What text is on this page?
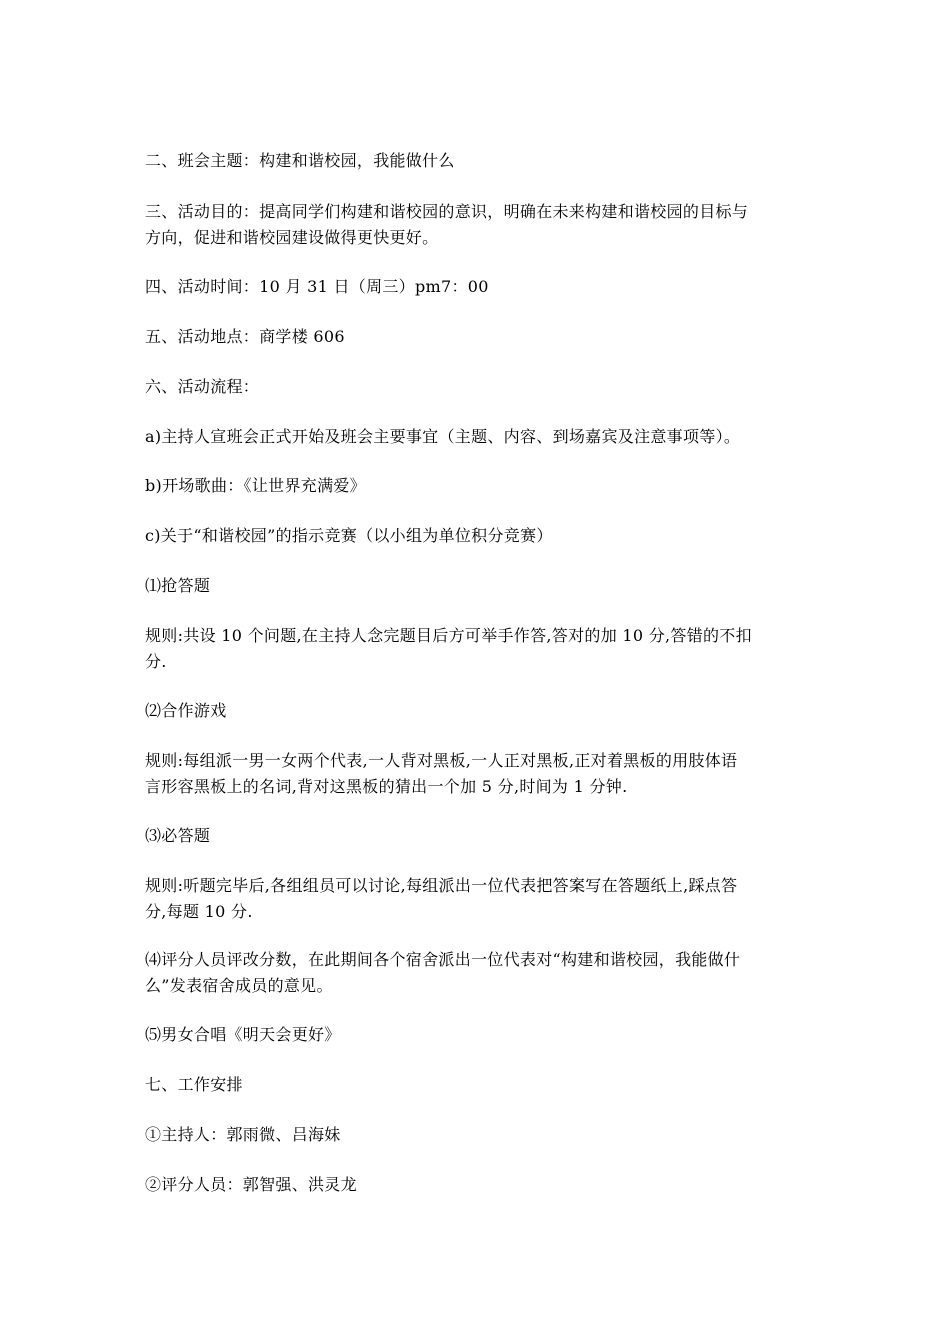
二、班会主题：构建和谐校园，我能做什么
三、活动目的：提高同学们构建和谐校园的意识，明确在未来构建和谐校园的目标与
方向，促进和谐校园建设做得更快更好。
四、活动时间：10 月 31 日（周三）pm7：00
五、活动地点：商学楼 606
六、活动流程：
a)主持人宣班会正式开始及班会主要事宜（主题、内容、到场嘉宾及注意事项等）。
b)开场歌曲：《让世界充满爱》
c)关于“和谐校园”的指示竞赛（以小组为单位积分竞赛）
⑴抢答题
规则:共设 10 个问题,在主持人念完题目后方可举手作答,答对的加 10 分,答错的不扣
分.
⑵合作游戏
规则:每组派一男一女两个代表,一人背对黑板,一人正对黑板,正对着黑板的用肢体语
言形容黑板上的名词,背对这黑板的猜出一个加 5 分,时间为 1 分钟.
⑶必答题
规则:听题完毕后,各组组员可以讨论,每组派出一位代表把答案写在答题纸上,踩点答
分,每题 10 分.
⑷评分人员评改分数，在此期间各个宿舍派出一位代表对“构建和谐校园，我能做什
么”发表宿舍成员的意见。
⑸男女合唱《明天会更好》
七、工作安排
①主持人：郭雨微、吕海妹
②评分人员：郭智强、洪灵龙
